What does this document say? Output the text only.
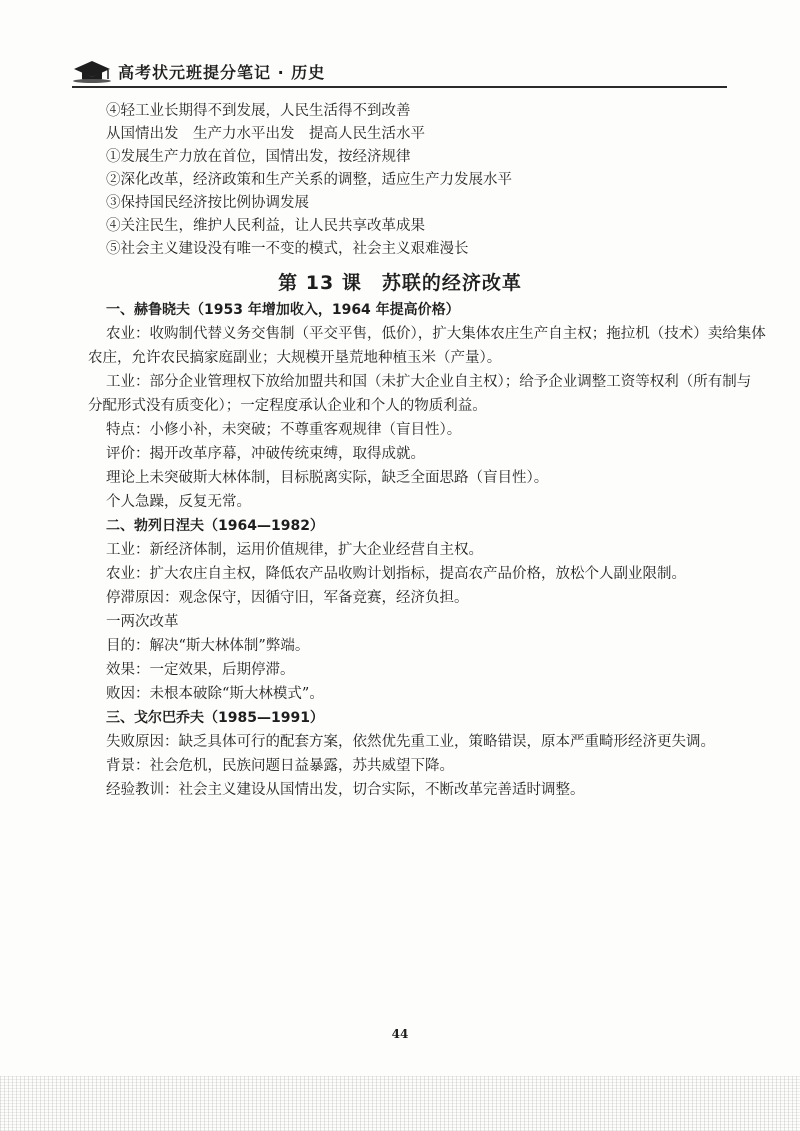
高考状元班提分笔记 · 历史
④轻工业长期得不到发展，人民生活得不到改善
从国情出发　生产力水平出发　提高人民生活水平
①发展生产力放在首位，国情出发，按经济规律
②深化改革，经济政策和生产关系的调整，适应生产力发展水平
③保持国民经济按比例协调发展
④关注民生，维护人民利益，让人民共享改革成果
⑤社会主义建设没有唯一不变的模式，社会主义艰难漫长
第 13 课　苏联的经济改革
一、赫鲁晓夫（1953 年增加收入，1964 年提高价格）
农业：收购制代替义务交售制（平交平售，低价），扩大集体农庄生产自主权；拖拉机（技术）卖给集体
农庄，允许农民搞家庭副业；大规模开垦荒地种植玉米（产量）。
工业：部分企业管理权下放给加盟共和国（未扩大企业自主权）；给予企业调整工资等权利（所有制与
分配形式没有质变化）；一定程度承认企业和个人的物质利益。
特点：小修小补，未突破；不尊重客观规律（盲目性）。
评价：揭开改革序幕，冲破传统束缚，取得成就。
理论上未突破斯大林体制，目标脱离实际，缺乏全面思路（盲目性）。
个人急躁，反复无常。
二、勃列日涅夫（1964—1982）
工业：新经济体制，运用价值规律，扩大企业经营自主权。
农业：扩大农庄自主权，降低农产品收购计划指标，提高农产品价格，放松个人副业限制。
停滞原因：观念保守，因循守旧，军备竞赛，经济负担。
一两次改革
目的：解决“斯大林体制”弊端。
效果：一定效果，后期停滞。
败因：未根本破除“斯大林模式”。
三、戈尔巴乔夫（1985—1991）
失败原因：缺乏具体可行的配套方案，依然优先重工业，策略错误，原本严重畸形经济更失调。
背景：社会危机，民族问题日益暴露，苏共威望下降。
经验教训：社会主义建设从国情出发，切合实际，不断改革完善适时调整。
44
